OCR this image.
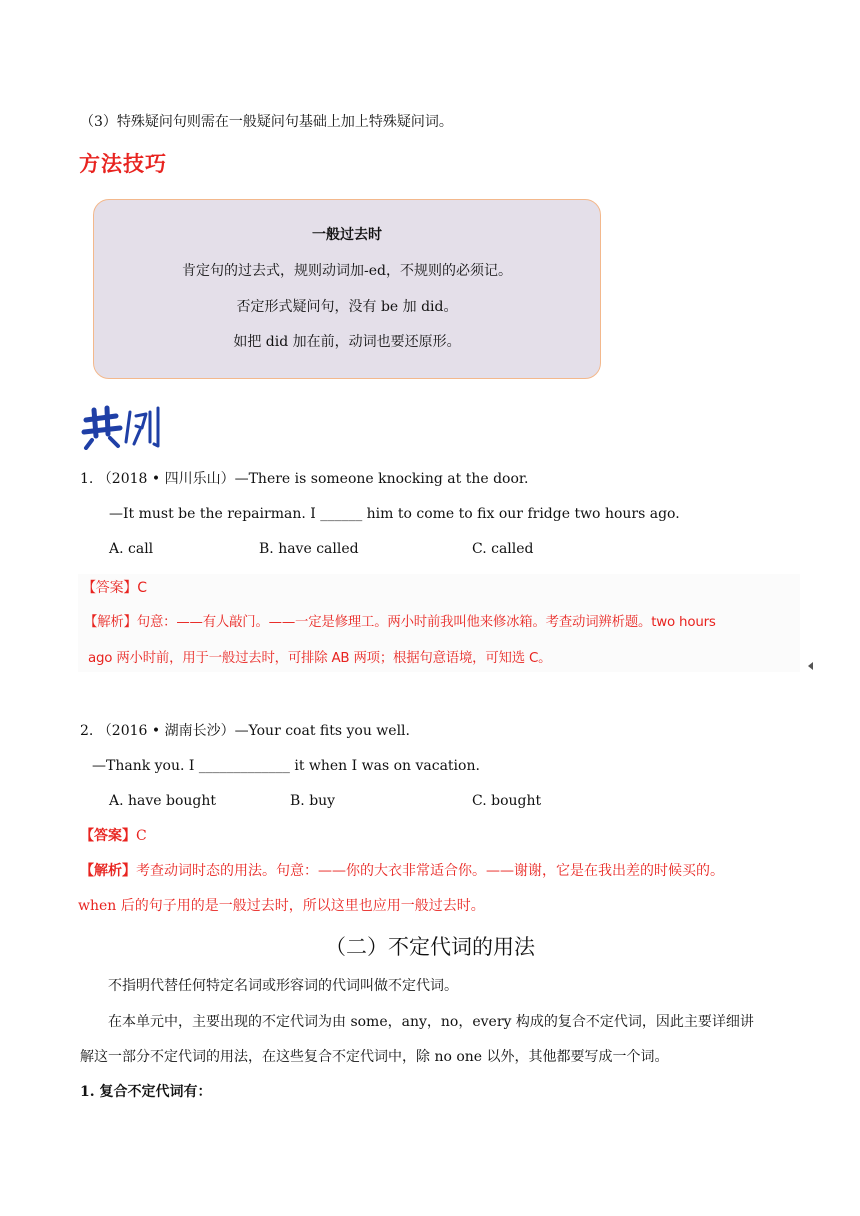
（3）特殊疑问句则需在一般疑问句基础上加上特殊疑问词。
方法技巧
一般过去时
肯定句的过去式，规则动词加-ed，不规则的必须记。
否定形式疑问句，没有 be 加 did。
如把 did 加在前，动词也要还原形。
1. （2018 • 四川乐山）—There is someone knocking at the door.
—It must be the repairman. I ______ him to come to fix our fridge two hours ago.
A. call	B. have called	C. called
【答案】C
【解析】句意：——有人敲门。——一定是修理工。两小时前我叫他来修冰箱。考查动词辨析题。two hours
ago 两小时前，用于一般过去时，可排除 AB 两项；根据句意语境，可知选 C。
2. （2016 • 湖南长沙）—Your coat fits you well.
—Thank you. I _____________ it when I was on vacation.
A. have bought	B. buy	C. bought
【答案】C
【解析】考查动词时态的用法。句意：——你的大衣非常适合你。——谢谢，它是在我出差的时候买的。
when 后的句子用的是一般过去时，所以这里也应用一般过去时。
（二）不定代词的用法
不指明代替任何特定名词或形容词的代词叫做不定代词。
在本单元中，主要出现的不定代词为由 some，any，no，every 构成的复合不定代词，因此主要详细讲
解这一部分不定代词的用法，在这些复合不定代词中，除 no one 以外，其他都要写成一个词。
1. 复合不定代词有：
